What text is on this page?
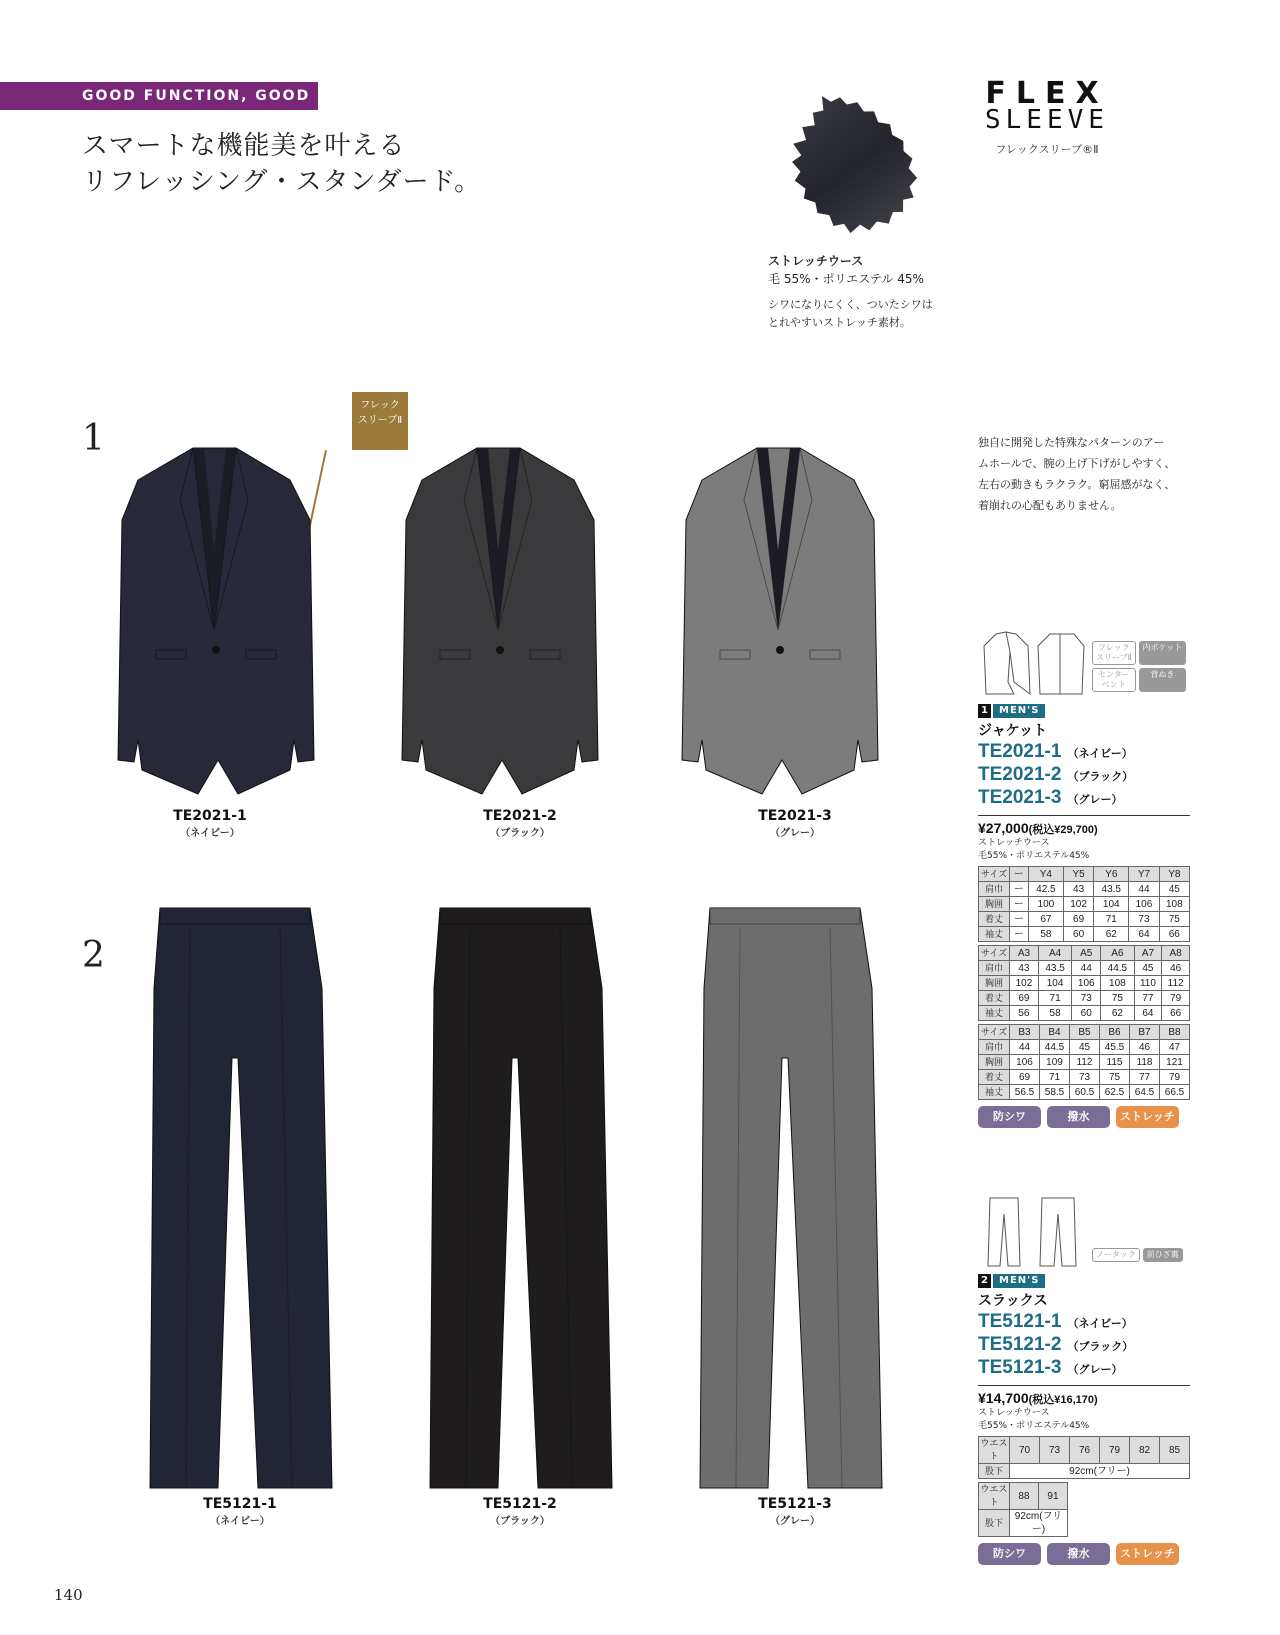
GOOD FUNCTION, GOOD PRICE
スマートな機能美を叶える
リフレッシング・スタンダード。
ストレッチウース
毛 55%・ポリエステル 45%
シワになりにくく、ついたシワは
とれやすいストレッチ素材。
FLEX
SLEEVE
フレックスリーブ®Ⅱ
1
2
フレック
スリーブⅡ
TE2021-1
（ネイビー）
TE2021-2
（ブラック）
TE2021-3
（グレー）
TE5121-1
（ネイビー）
TE5121-2
（ブラック）
TE5121-3
（グレー）
独自に開発した特殊なパターンのアー
ムホールで、腕の上げ下げがしやすく、
左右の動きもラクラク。窮屈感がなく、
着崩れの心配もありません。
フレック
スリーブⅡ
内ポケット
センター
ベント
背ぬき
1	MEN'S
ジャケット
TE2021-1 （ネイビー）
TE2021-2 （ブラック）
TE2021-3 （グレー）
¥27,000(税込¥29,700)
ストレッチウース
毛55%・ポリエステル45%
サイズ	ー	Y4	Y5	Y6	Y7	Y8
肩巾	ー	42.5	43	43.5	44	45
胸囲	ー	100	102	104	106	108
着丈	ー	67	69	71	73	75
袖丈	ー	58	60	62	64	66
サイズ	A3	A4	A5	A6	A7	A8
肩巾	43	43.5	44	44.5	45	46
胸囲	102	104	106	108	110	112
着丈	69	71	73	75	77	79
袖丈	56	58	60	62	64	66
サイズ	B3	B4	B5	B6	B7	B8
肩巾	44	44.5	45	45.5	46	47
胸囲	106	109	112	115	118	121
着丈	69	71	73	75	77	79
袖丈	56.5	58.5	60.5	62.5	64.5	66.5
防シワ	撥水	ストレッチ
ノータック	前ひざ裏
2	MEN'S
スラックス
TE5121-1 （ネイビー）
TE5121-2 （ブラック）
TE5121-3 （グレー）
¥14,700(税込¥16,170)
ストレッチウース
毛55%・ポリエステル45%
ウエスト	70	73	76	79	82	85
股下	92cm(フリー)					
ウエスト	88	91
股下	92cm(フリー)	
防シワ	撥水	ストレッチ
140
